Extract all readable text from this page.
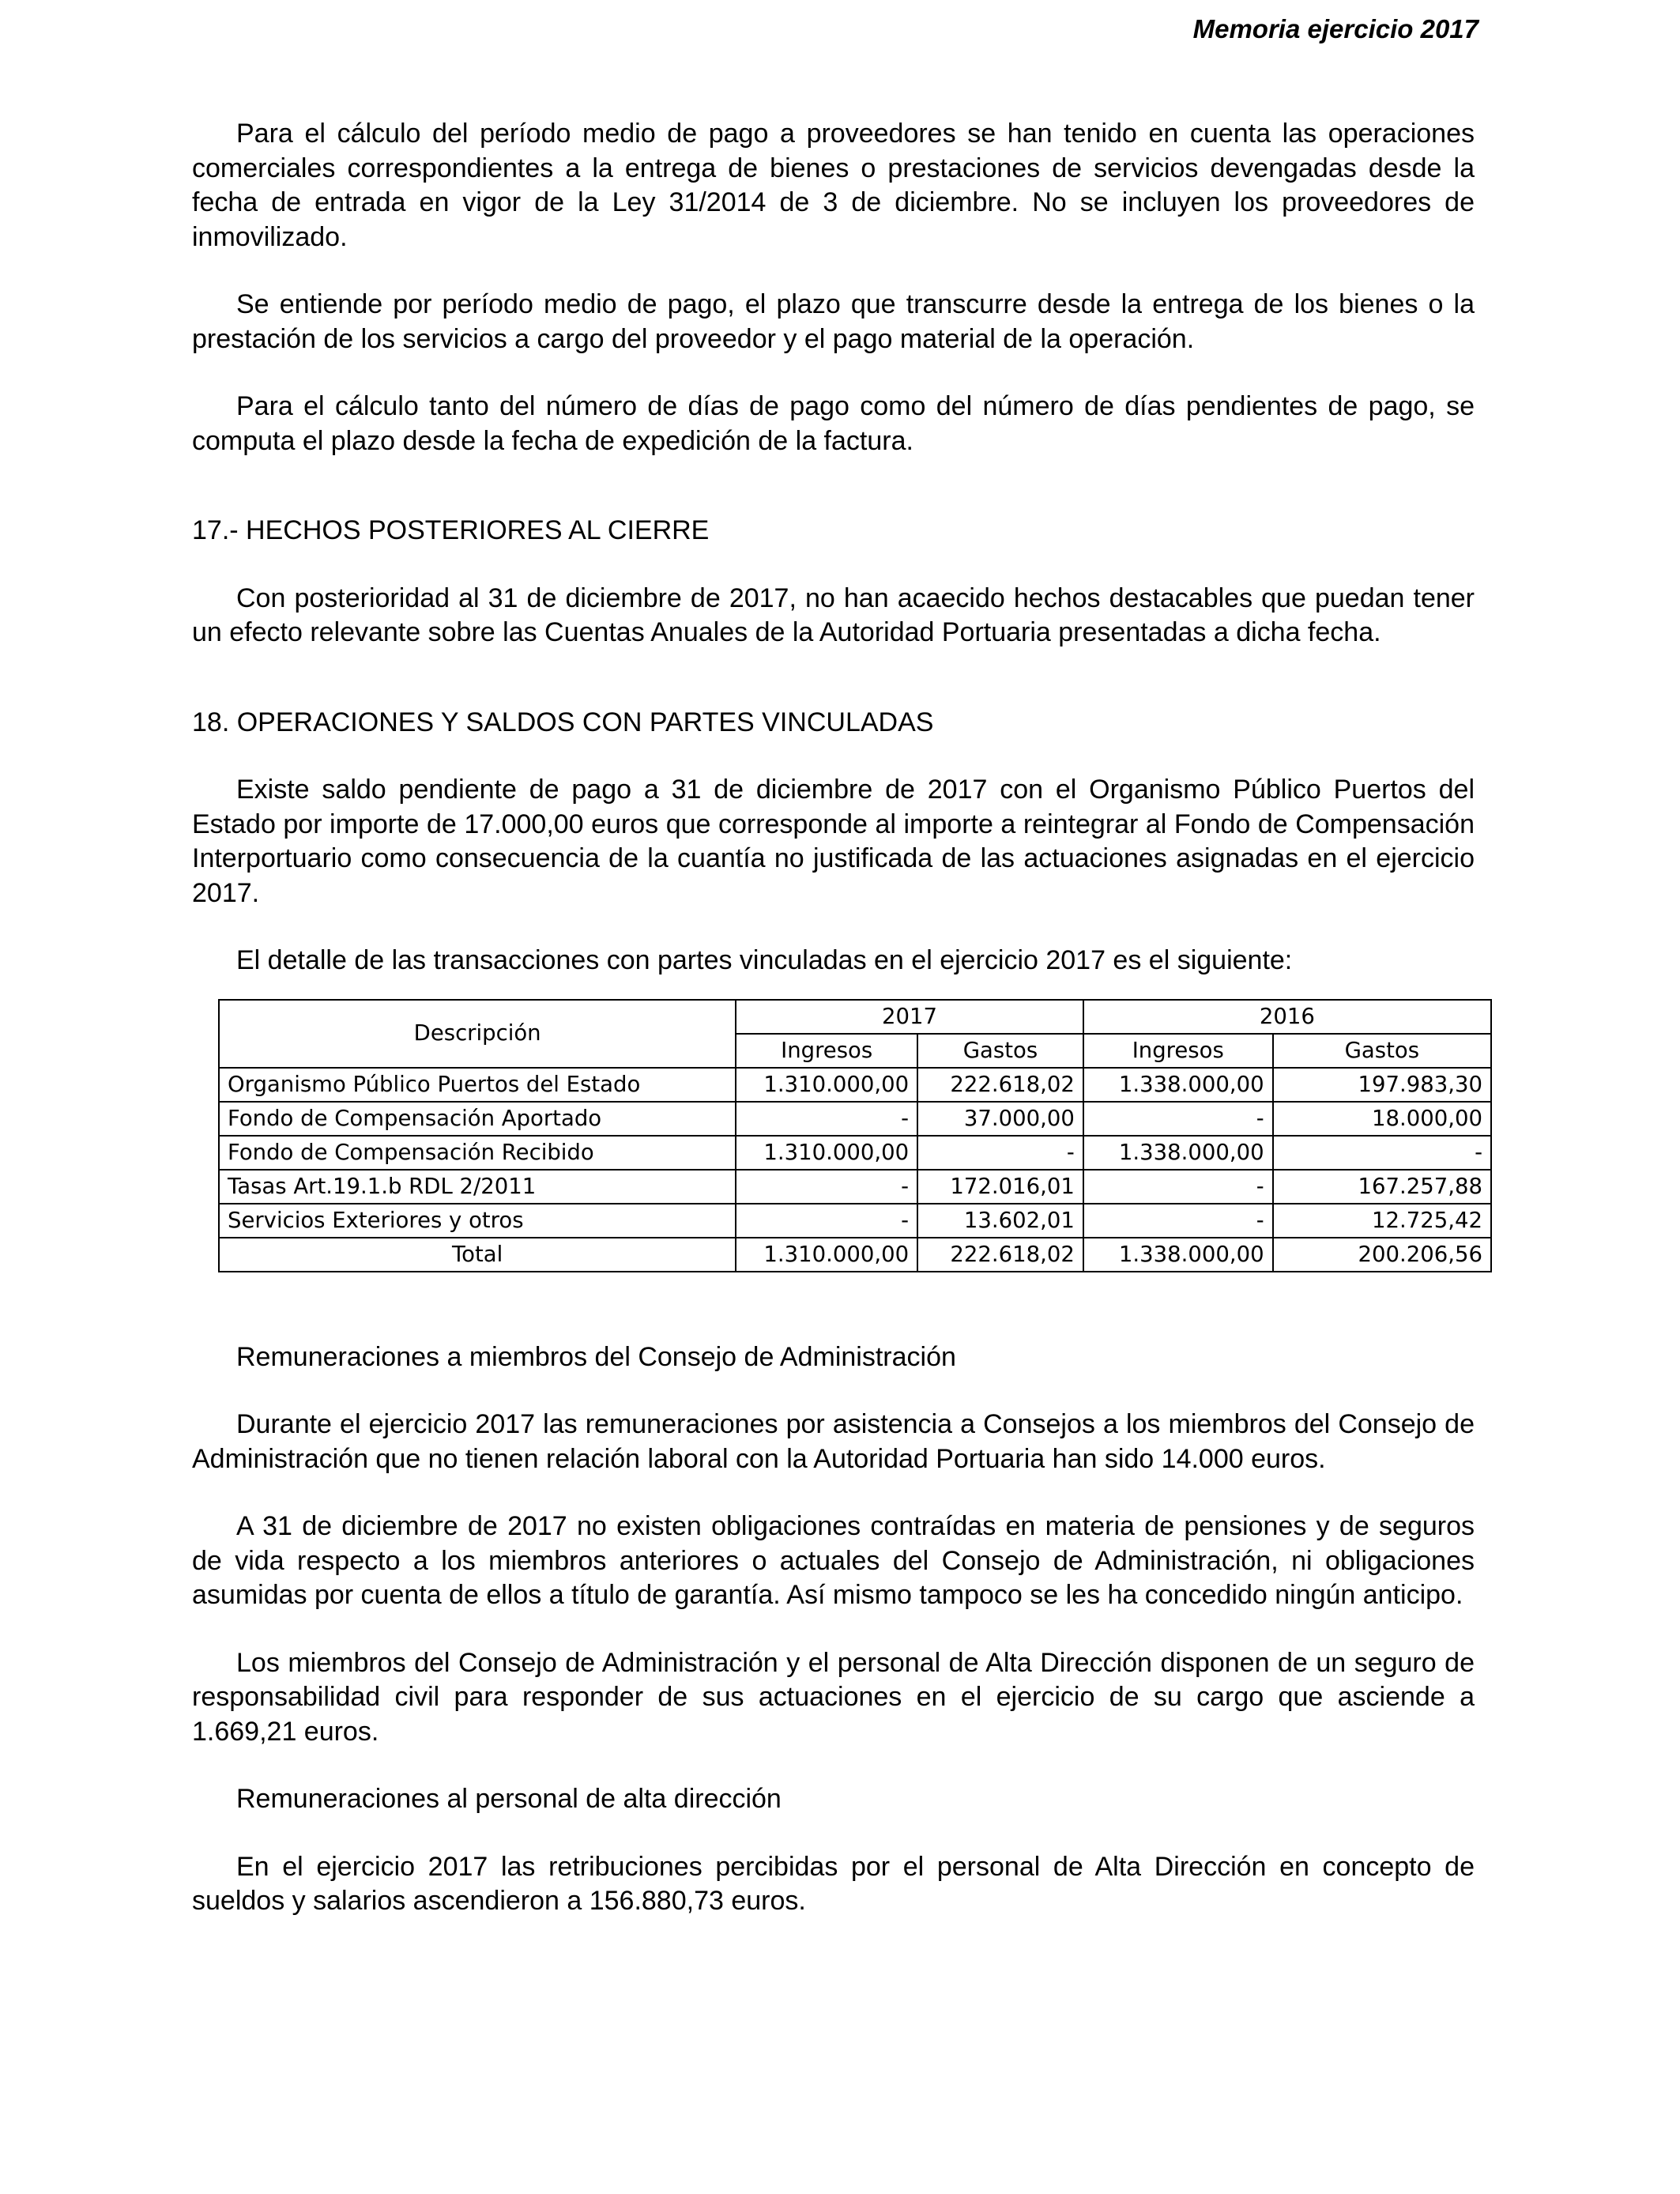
Memoria ejercicio 2017

Para el cálculo del período medio de pago a proveedores se han tenido en cuenta las operaciones comerciales correspondientes a la entrega de bienes o prestaciones de servicios devengadas desde la fecha de entrada en vigor de la Ley 31/2014 de 3 de diciembre. No se incluyen los proveedores de inmovilizado.

Se entiende por período medio de pago, el plazo que transcurre desde la entrega de los bienes o la prestación de los servicios a cargo del proveedor y el pago material de la operación.

Para el cálculo tanto del número de días de pago como del número de días pendientes de pago, se computa el plazo desde la fecha de expedición de la factura.

17.- HECHOS POSTERIORES AL CIERRE

Con posterioridad al 31 de diciembre de 2017, no han acaecido hechos destacables que puedan tener un efecto relevante sobre las Cuentas Anuales de la Autoridad Portuaria presentadas a dicha fecha.

18. OPERACIONES Y SALDOS CON PARTES VINCULADAS

Existe saldo pendiente de pago a 31 de diciembre de 2017 con el Organismo Público Puertos del Estado por importe de 17.000,00 euros que corresponde al importe a reintegrar al Fondo de Compensación Interportuario como consecuencia de la cuantía no justificada de las actuaciones asignadas en el ejercicio 2017.

El detalle de las transacciones con partes vinculadas en el ejercicio 2017 es el siguiente:

Descripción	2017		2016	
	Ingresos	Gastos	Ingresos	Gastos
Organismo Público Puertos del Estado	1.310.000,00	222.618,02	1.338.000,00	197.983,30
Fondo de Compensación Aportado	-	37.000,00	-	18.000,00
Fondo de Compensación Recibido	1.310.000,00	-	1.338.000,00	-
Tasas Art.19.1.b RDL 2/2011	-	172.016,01	-	167.257,88
Servicios Exteriores y otros	-	13.602,01	-	12.725,42
Total	1.310.000,00	222.618,02	1.338.000,00	200.206,56
Remuneraciones a miembros del Consejo de Administración

Durante el ejercicio 2017 las remuneraciones por asistencia a Consejos a los miembros del Consejo de Administración que no tienen relación laboral con la Autoridad Portuaria han sido 14.000 euros.

A 31 de diciembre de 2017 no existen obligaciones contraídas en materia de pensiones y de seguros de vida respecto a los miembros anteriores o actuales del Consejo de Administración, ni obligaciones asumidas por cuenta de ellos a título de garantía. Así mismo tampoco se les ha concedido ningún anticipo.

Los miembros del Consejo de Administración y el personal de Alta Dirección disponen de un seguro de responsabilidad civil para responder de sus actuaciones en el ejercicio de su cargo que asciende a 1.669,21 euros.

Remuneraciones al personal de alta dirección

En el ejercicio 2017 las retribuciones percibidas por el personal de Alta Dirección en concepto de sueldos y salarios ascendieron a 156.880,73 euros.
